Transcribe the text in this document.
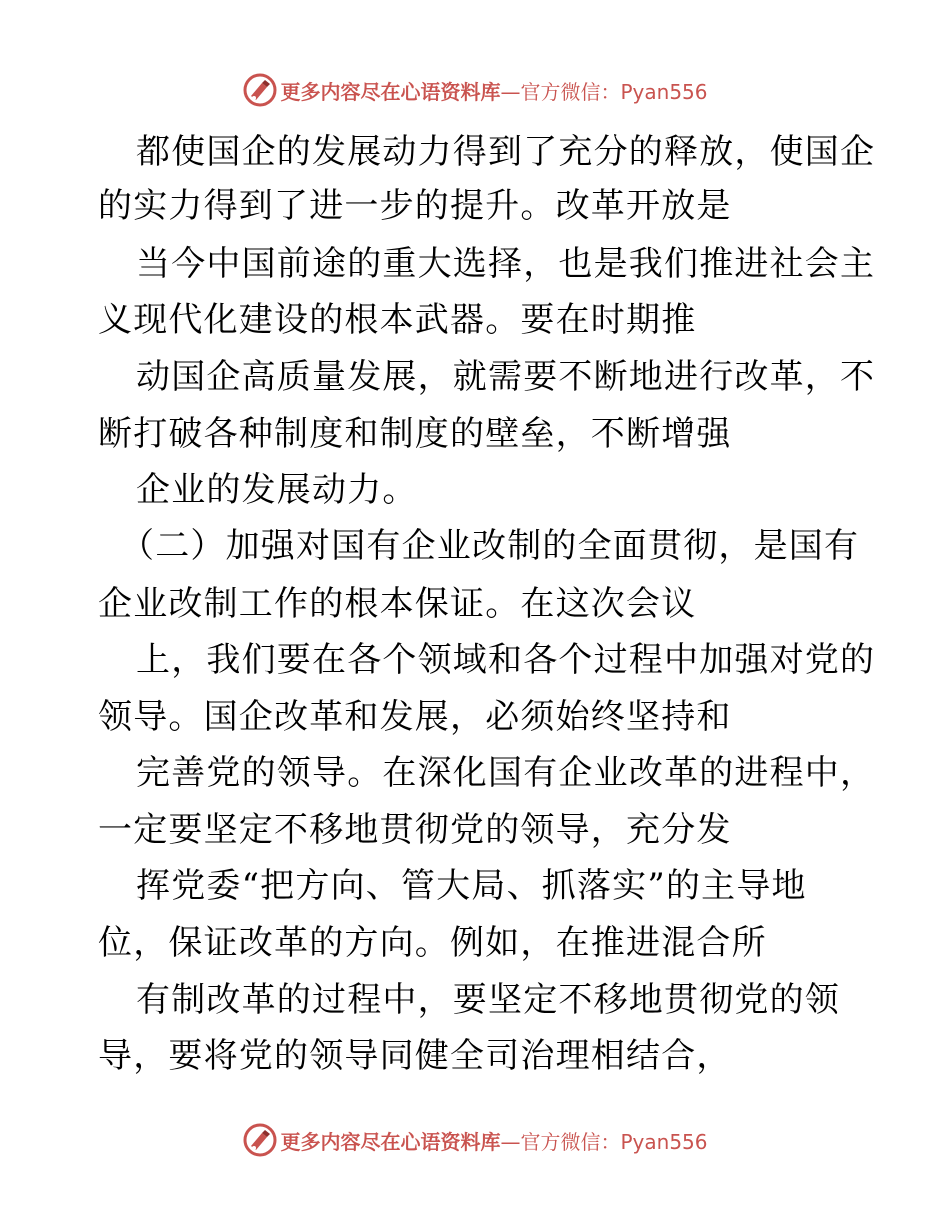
更多内容尽在心语资料库—官方微信：Pyan556
都使国企的发展动力得到了充分的释放，使国企
的实力得到了进一步的提升。改革开放是
当今中国前途的重大选择，也是我们推进社会主
义现代化建设的根本武器。要在时期推
动国企高质量发展，就需要不断地进行改革，不
断打破各种制度和制度的壁垒，不断增强
企业的发展动力。
（二）加强对国有企业改制的全面贯彻，是国有
企业改制工作的根本保证。在这次会议
上，我们要在各个领域和各个过程中加强对党的
领导。国企改革和发展，必须始终坚持和
完善党的领导。在深化国有企业改革的进程中，
一定要坚定不移地贯彻党的领导，充分发
挥党委“把方向、管大局、抓落实”的主导地
位，保证改革的方向。例如，在推进混合所
有制改革的过程中，要坚定不移地贯彻党的领
导，要将党的领导同健全司治理相结合，
更多内容尽在心语资料库—官方微信：Pyan556
